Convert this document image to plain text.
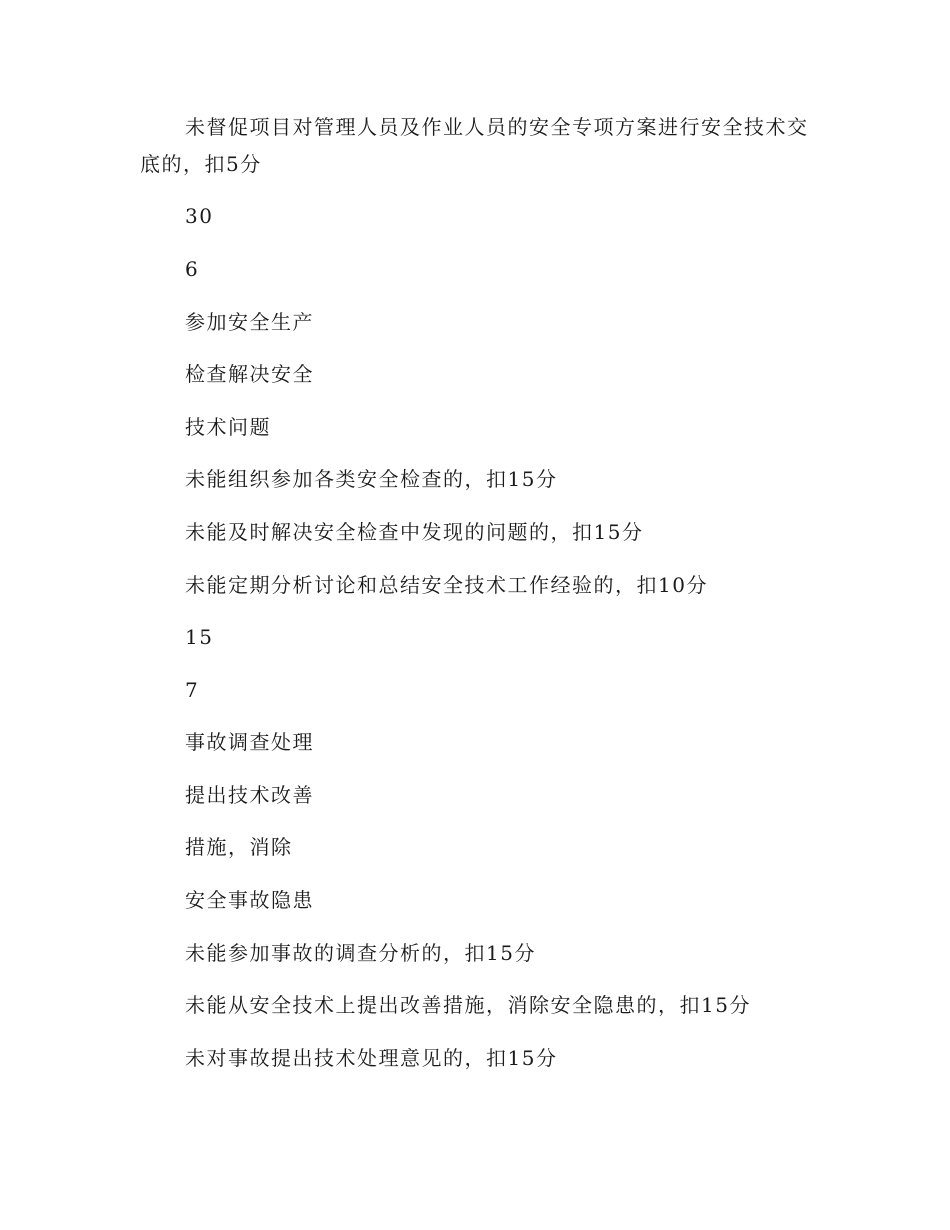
未督促项目对管理人员及作业人员的安全专项方案进行安全技术交底的，扣5分

30

6

参加安全生产

检查解决安全

技术问题

未能组织参加各类安全检查的，扣15分

未能及时解决安全检查中发现的问题的，扣15分

未能定期分析讨论和总结安全技术工作经验的，扣10分

15

7

事故调查处理

提出技术改善

措施，消除

安全事故隐患

未能参加事故的调查分析的，扣15分

未能从安全技术上提出改善措施，消除安全隐患的，扣15分

未对事故提出技术处理意见的，扣15分
